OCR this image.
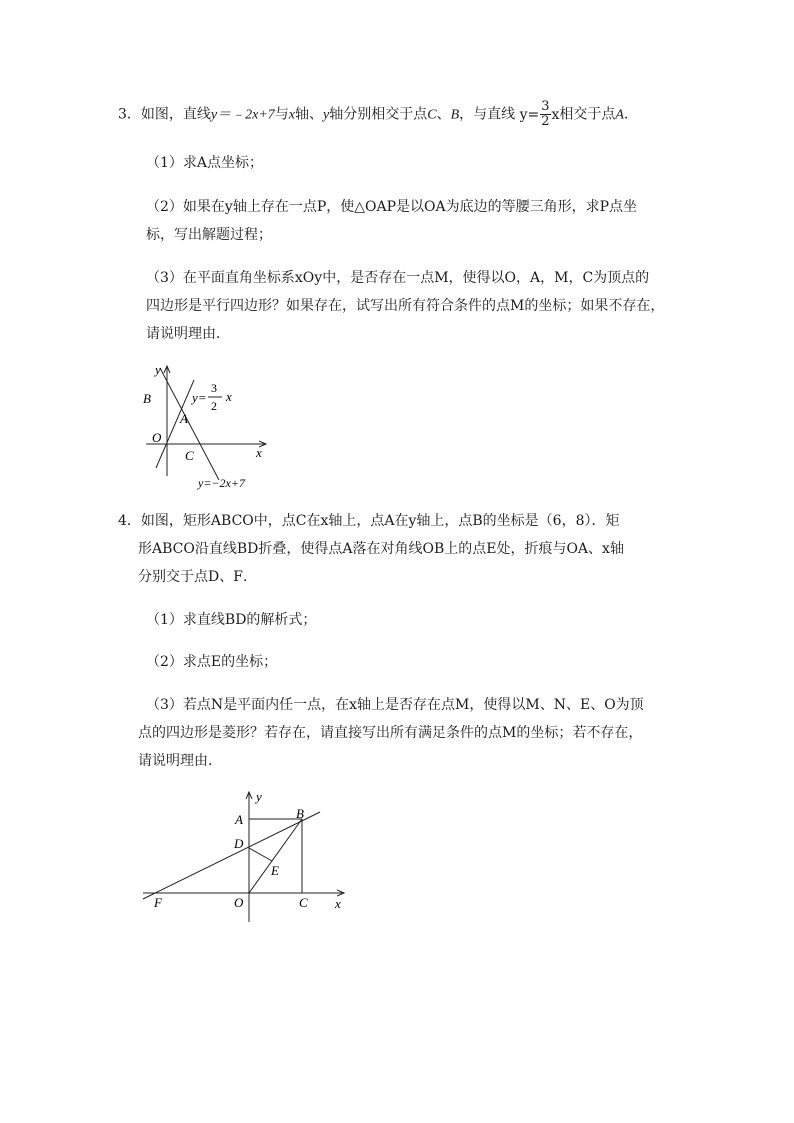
3．如图，直线y＝﹣2x+7与x轴、y轴分别相交于点C、B，与直线 $y= \frac{3}{2}$ x相交于点A．
（1）求A点坐标；
（2）如果在y轴上存在一点P，使△OAP是以OA为底边的等腰三角形，求P点坐
标，写出解题过程；
（3）在平面直角坐标系xOy中，是否存在一点M，使得以O，A，M，C为顶点的
四边形是平行四边形？如果存在，试写出所有符合条件的点M的坐标；如果不存在，
请说明理由．
y
B
A
O
C	x
y=
3
2
x
y=−2x+7
4．如图，矩形ABCO中，点C在x轴上，点A在y轴上，点B的坐标是（6，8）．矩
形ABCO沿直线BD折叠，使得点A落在对角线OB上的点E处，折痕与OA、x轴
分别交于点D、F．
（1）求直线BD的解析式；
（2）求点E的坐标；
（3）若点N是平面内任一点，在x轴上是否存在点M，使得以M、N、E、O为顶
点的四边形是菱形？若存在，请直接写出所有满足条件的点M的坐标；若不存在，
请说明理由．
y
A	B
D
E
F	O	C x
